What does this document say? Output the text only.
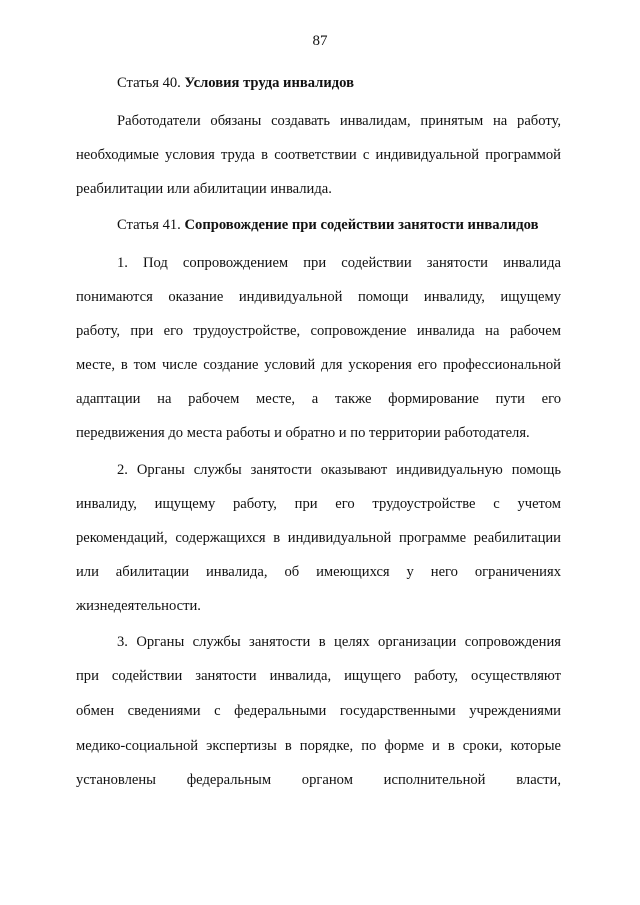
87
Статья 40. Условия труда инвалидов
Работодатели обязаны создавать инвалидам, принятым на работу,
необходимые условия труда в соответствии с индивидуальной программой
реабилитации или абилитации инвалида.
Статья 41. Сопровождение при содействии занятости инвалидов
1. Под сопровождением при содействии занятости инвалида
понимаются оказание индивидуальной помощи инвалиду, ищущему
работу, при его трудоустройстве, сопровождение инвалида на рабочем
месте, в том числе создание условий для ускорения его профессиональной
адаптации на рабочем месте, а также формирование пути его
передвижения до места работы и обратно и по территории работодателя.
2. Органы службы занятости оказывают индивидуальную помощь
инвалиду, ищущему работу, при его трудоустройстве с учетом
рекомендаций, содержащихся в индивидуальной программе реабилитации
или абилитации инвалида, об имеющихся у него ограничениях
жизнедеятельности.
3. Органы службы занятости в целях организации сопровождения
при содействии занятости инвалида, ищущего работу, осуществляют
обмен сведениями с федеральными государственными учреждениями
медико-социальной экспертизы в порядке, по форме и в сроки, которые
установлены федеральным органом исполнительной власти,
